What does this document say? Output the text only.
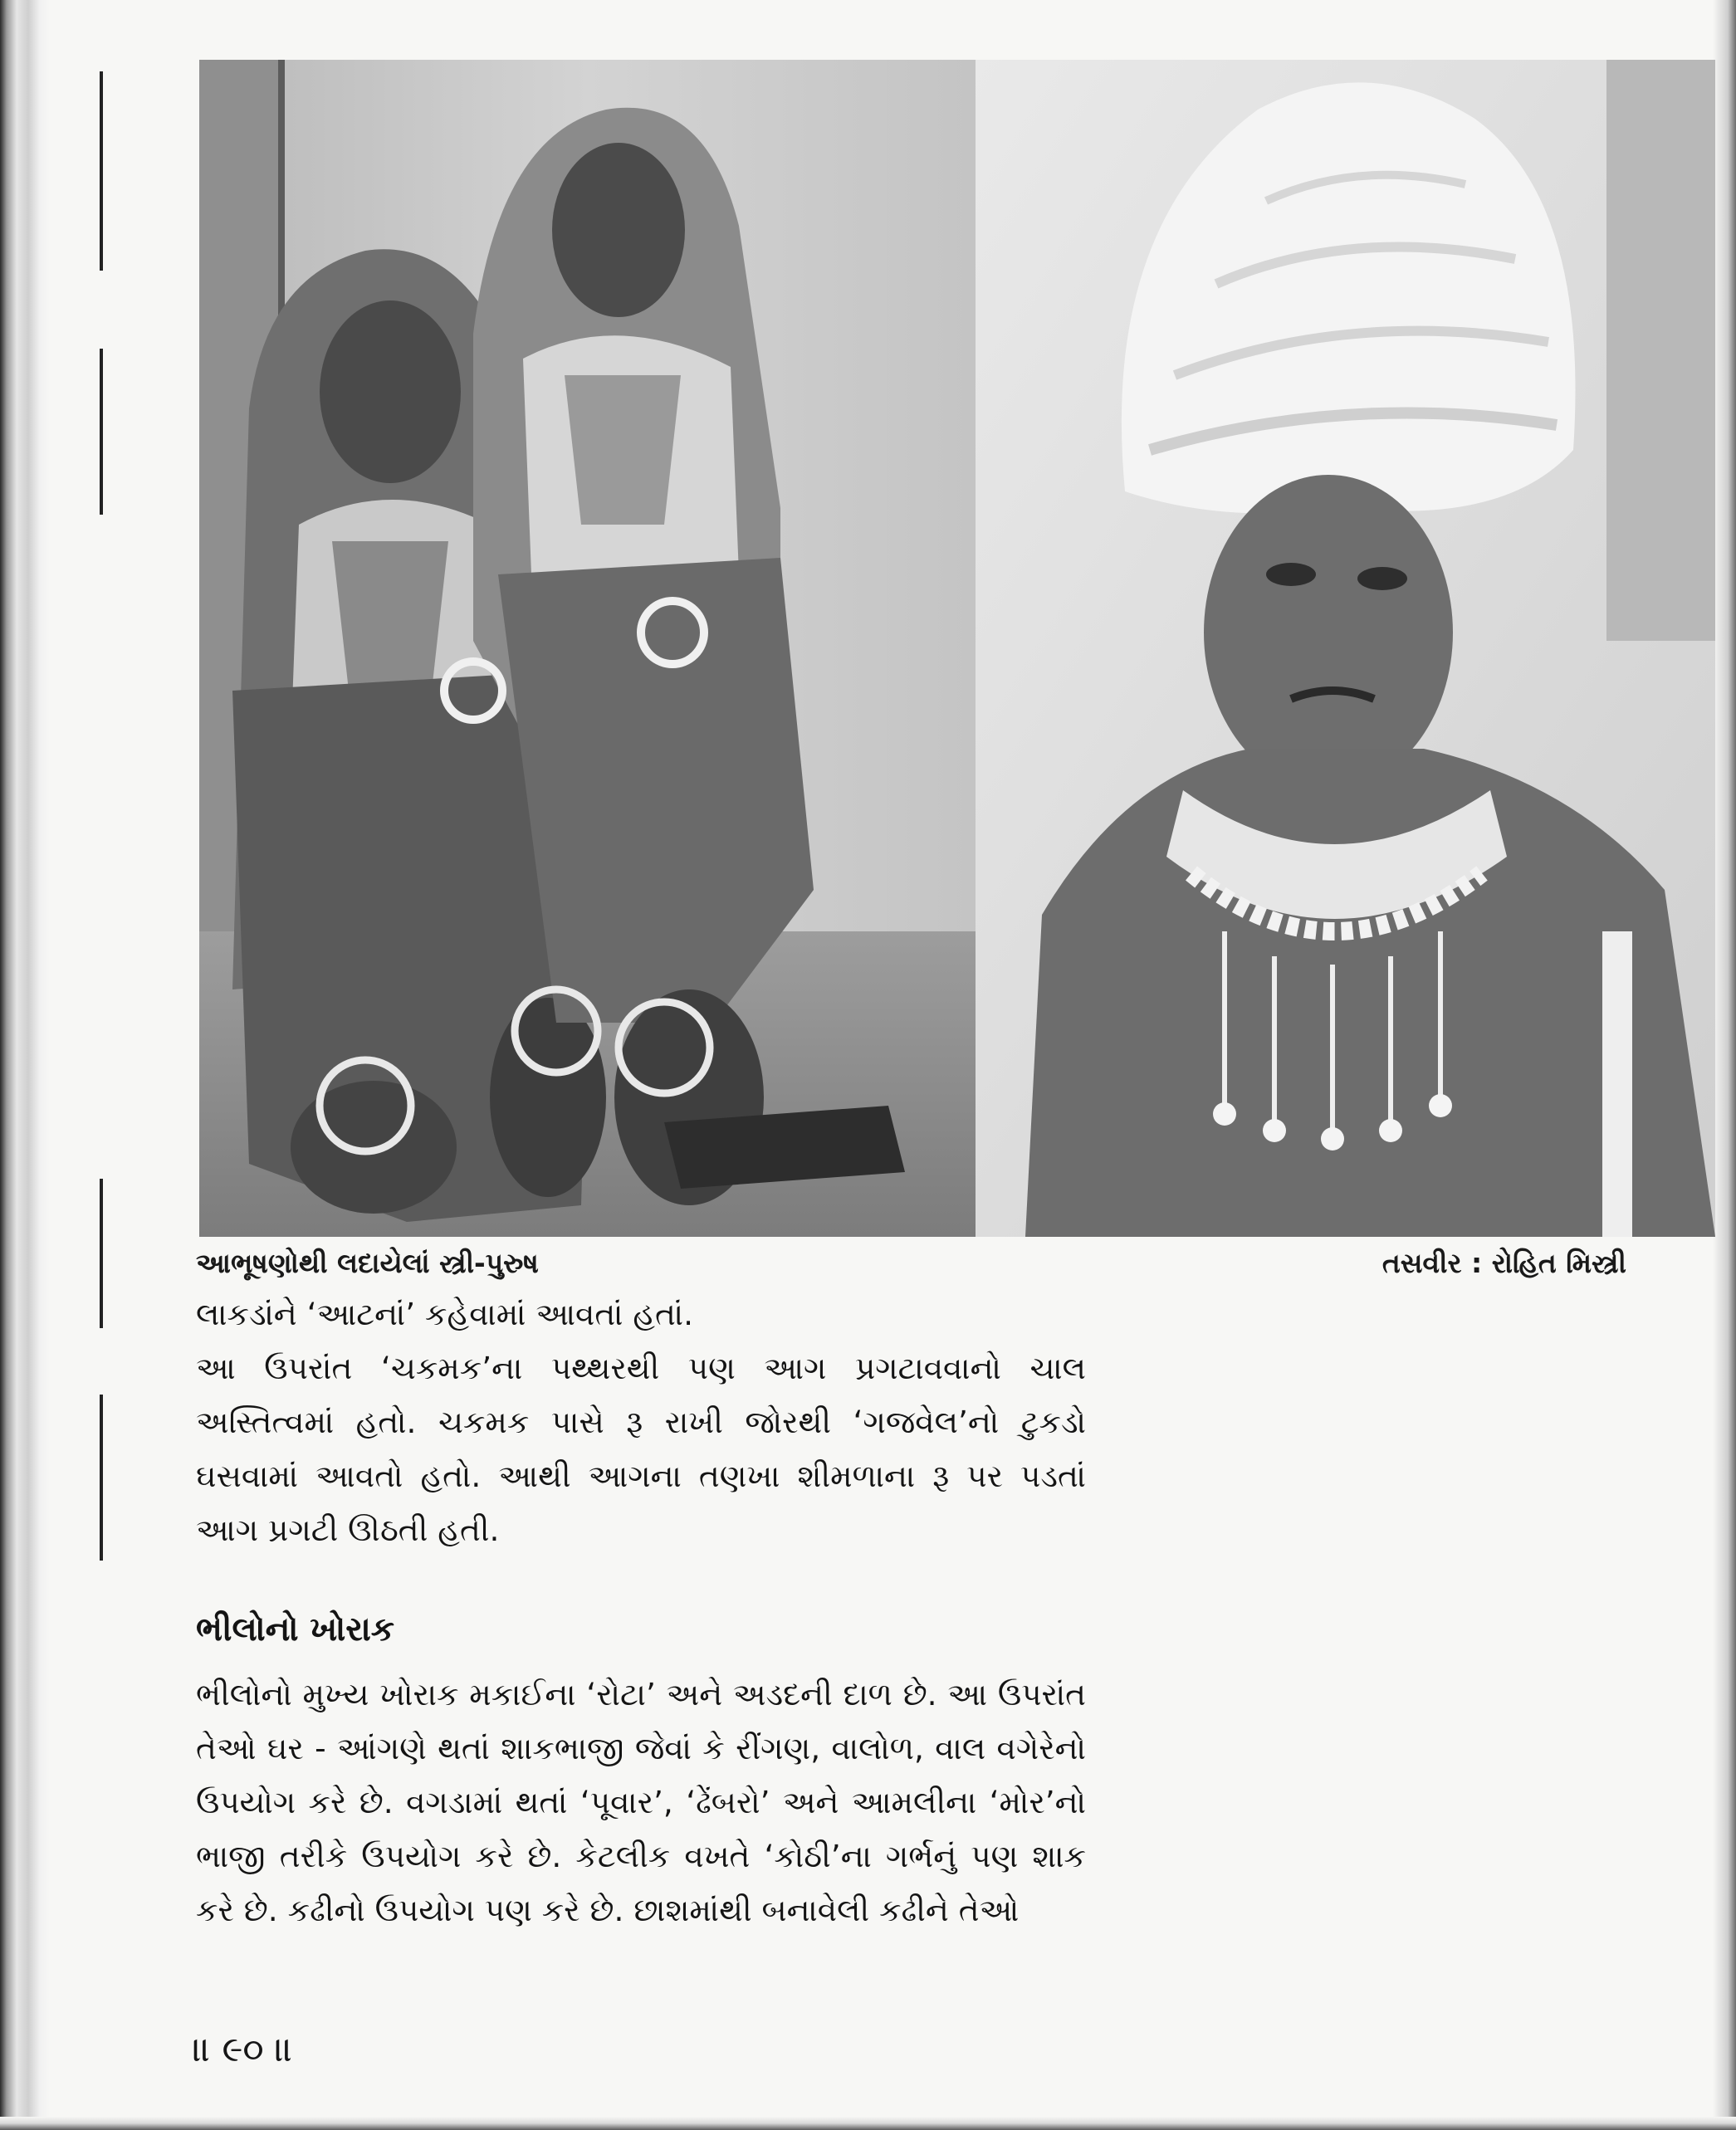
આભૂષણોથી લદાયેલાં સ્ત્રી-પુરુષ	તસવીર : રોહિત મિસ્ત્રી

લાકડાંને ‘આટનાં’ કહેવામાં આવતાં હતાં.

આ ઉપરાંત ‘ચકમક’ના પથ્થરથી પણ આગ પ્રગટાવવાનો ચાલ અસ્તિત્વમાં હતો. ચકમક પાસે રૂ રાખી જોરથી ‘ગજવેલ’નો ટુકડો ઘસવામાં આવતો હતો. આથી આગના તણખા શીમળાના રૂ પર પડતાં આગ પ્રગટી ઊઠતી હતી.

ભીલોનો ખોરાક

ભીલોનો મુખ્ય ખોરાક મકાઈના ‘રોટા’ અને અડદની દાળ છે. આ ઉપરાંત તેઓ ઘર - આંગણે થતાં શાકભાજી જેવાં કે રીંગણ, વાલોળ, વાલ વગેરેનો ઉપયોગ કરે છે. વગડામાં થતાં ‘પૂવાર’, ‘ઢેંબરો’ અને આમલીના ‘મોર’નો ભાજી તરીકે ઉપયોગ કરે છે. કેટલીક વખતે ‘કોઠી’ના ગર્ભનું પણ શાક કરે છે. કઢીનો ઉપયોગ પણ કરે છે. છાશમાંથી બનાવેલી કઢીને તેઓ

॥ ૯૦ ॥
